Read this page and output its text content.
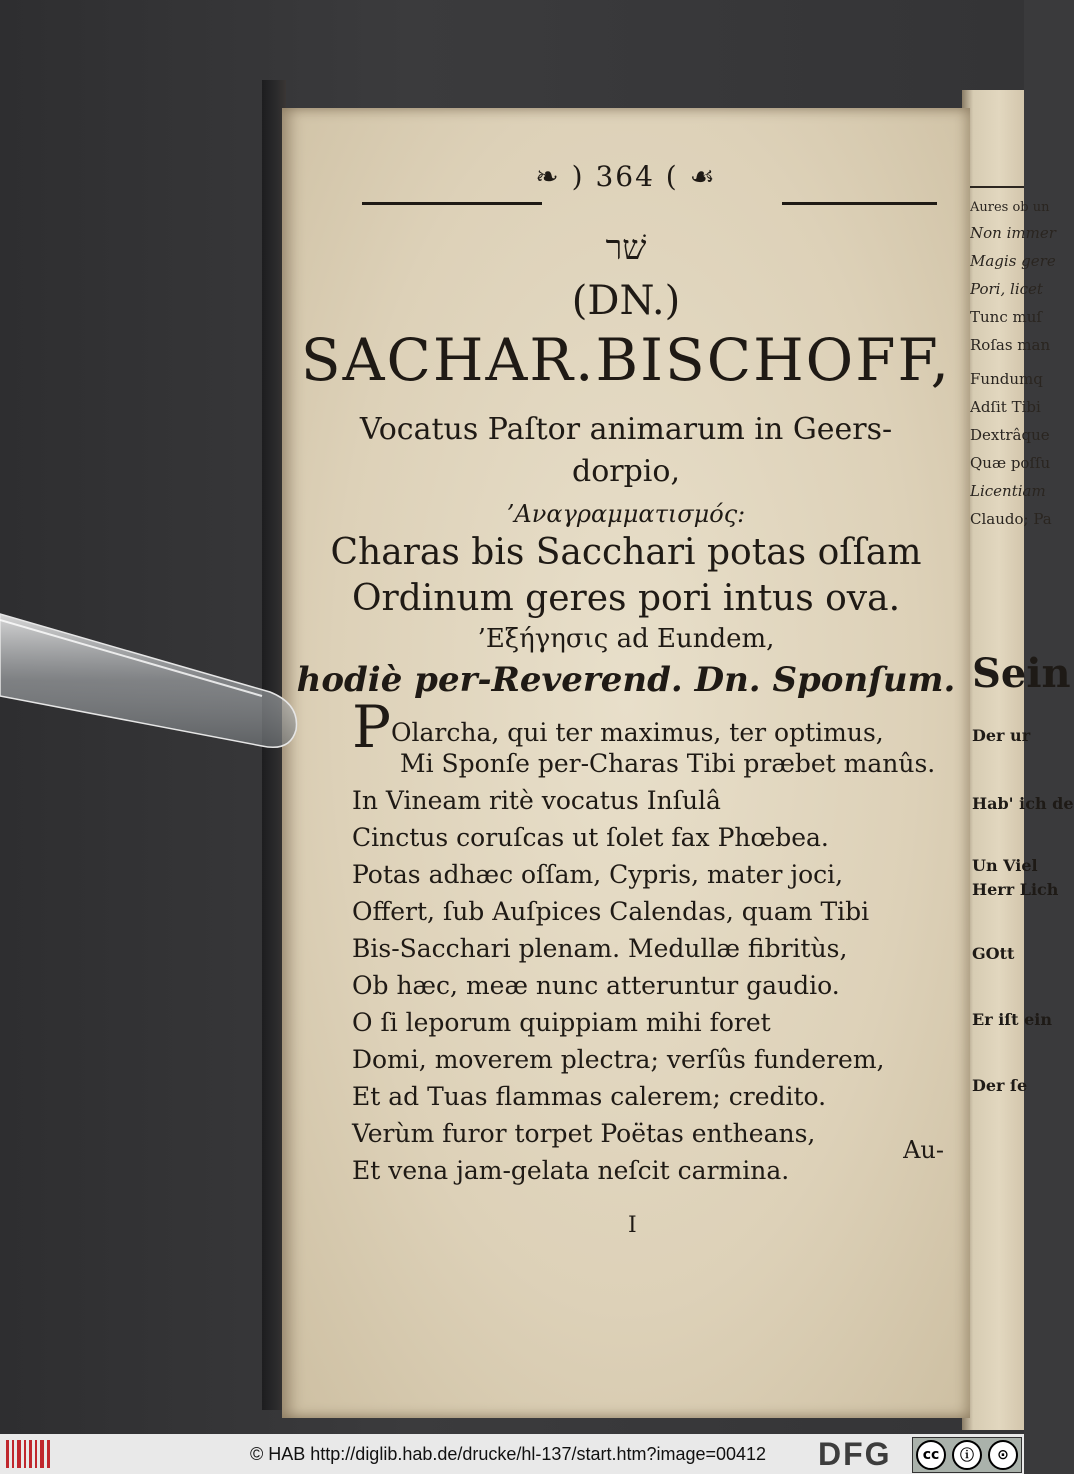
Aures ob un
Non immer
Magis gere
Pori, licet
Tunc muſ
Roſas man
Fundumq
Adſit Tibi
Dextrâque
Quæ poſſu
Licentiam
Claudo; Pa
Sein
Der ur
Hab' ich de
Un Viel
Herr Lich
GOtt
Er iſt ein
Der ſe
❧ ) 364 ( ☙
שׁר
(DN.)
SACHAR.BISCHOFF,
Vocatus Paſtor animarum in Geers-
dorpio,
’Αναγραμματισμός:
Charas bis Sacchari potas oſſam
Ordinum geres pori intus ova.
’Εξήγησις ad Eundem,
hodiè per-Reverend. Dn. Sponſum.
POlarcha, qui ter maximus, ter optimus,
Mi Sponſe per-Charas Tibi præbet manûs.
In Vineam ritè vocatus Inſulâ
Cinctus coruſcas ut ſolet fax Phœbea.
Potas adhæc oſſam, Cypris, mater joci,
Offert, ſub Auſpices Calendas, quam Tibi
Bis-Sacchari plenam. Medullæ fibritùs,
Ob hæc, meæ nunc atteruntur gaudio.
O ſi leporum quippiam mihi foret
Domi, moverem plectra; verſûs funderem,
Et ad Tuas flammas calerem; credito.
Verùm furor torpet Poëtas entheans,
Et vena jam-gelata neſcit carmina.
Au-
I
© HAB http://diglib.hab.de/drucke/hl-137/start.htm?image=00412 DFG	cc	ⓘ	⊙
